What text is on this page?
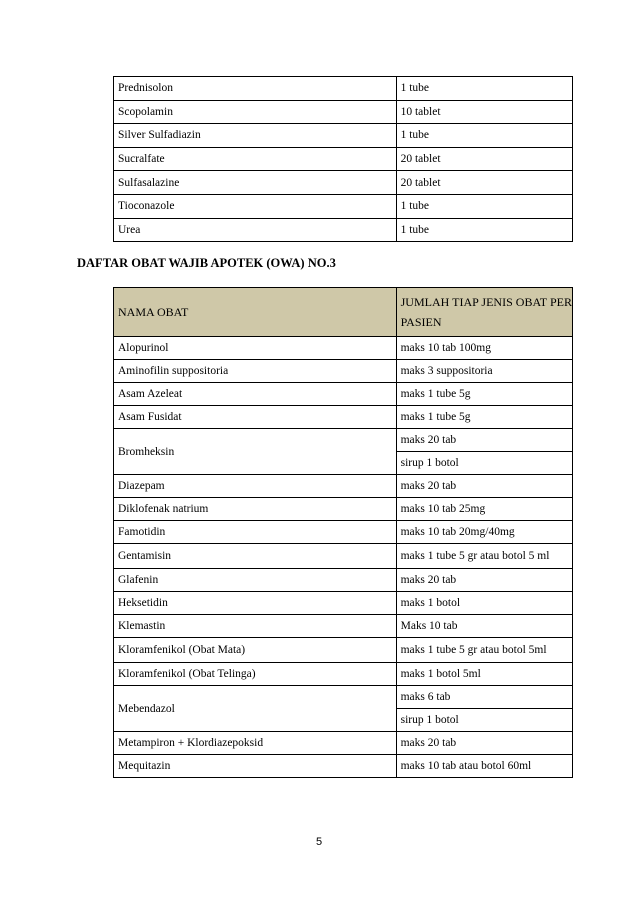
Prednisolon	1 tube
Scopolamin	10 tablet
Silver Sulfadiazin	1 tube
Sucralfate	20 tablet
Sulfasalazine	20 tablet
Tioconazole	1 tube
Urea	1 tube

DAFTAR OBAT WAJIB APOTEK (OWA) NO.3

NAMA OBAT	JUMLAH TIAP JENIS OBAT PER PASIEN
Alopurinol	maks 10 tab 100mg
Aminofilin suppositoria	maks 3 suppositoria
Asam Azeleat	maks 1 tube 5g
Asam Fusidat	maks 1 tube 5g
Bromheksin	maks 20 tab
	sirup 1 botol
Diazepam	maks 20 tab
Diklofenak natrium	maks 10 tab 25mg
Famotidin	maks 10 tab 20mg/40mg
Gentamisin	maks 1 tube 5 gr atau botol 5 ml
Glafenin	maks 20 tab
Heksetidin	maks 1 botol
Klemastin	Maks 10 tab
Kloramfenikol (Obat Mata)	maks 1 tube 5 gr atau botol 5ml
Kloramfenikol (Obat Telinga)	maks 1 botol 5ml
Mebendazol	maks 6 tab
	sirup 1 botol
Metampiron + Klordiazepoksid	maks 20 tab
Mequitazin	maks 10 tab atau botol 60ml
5
